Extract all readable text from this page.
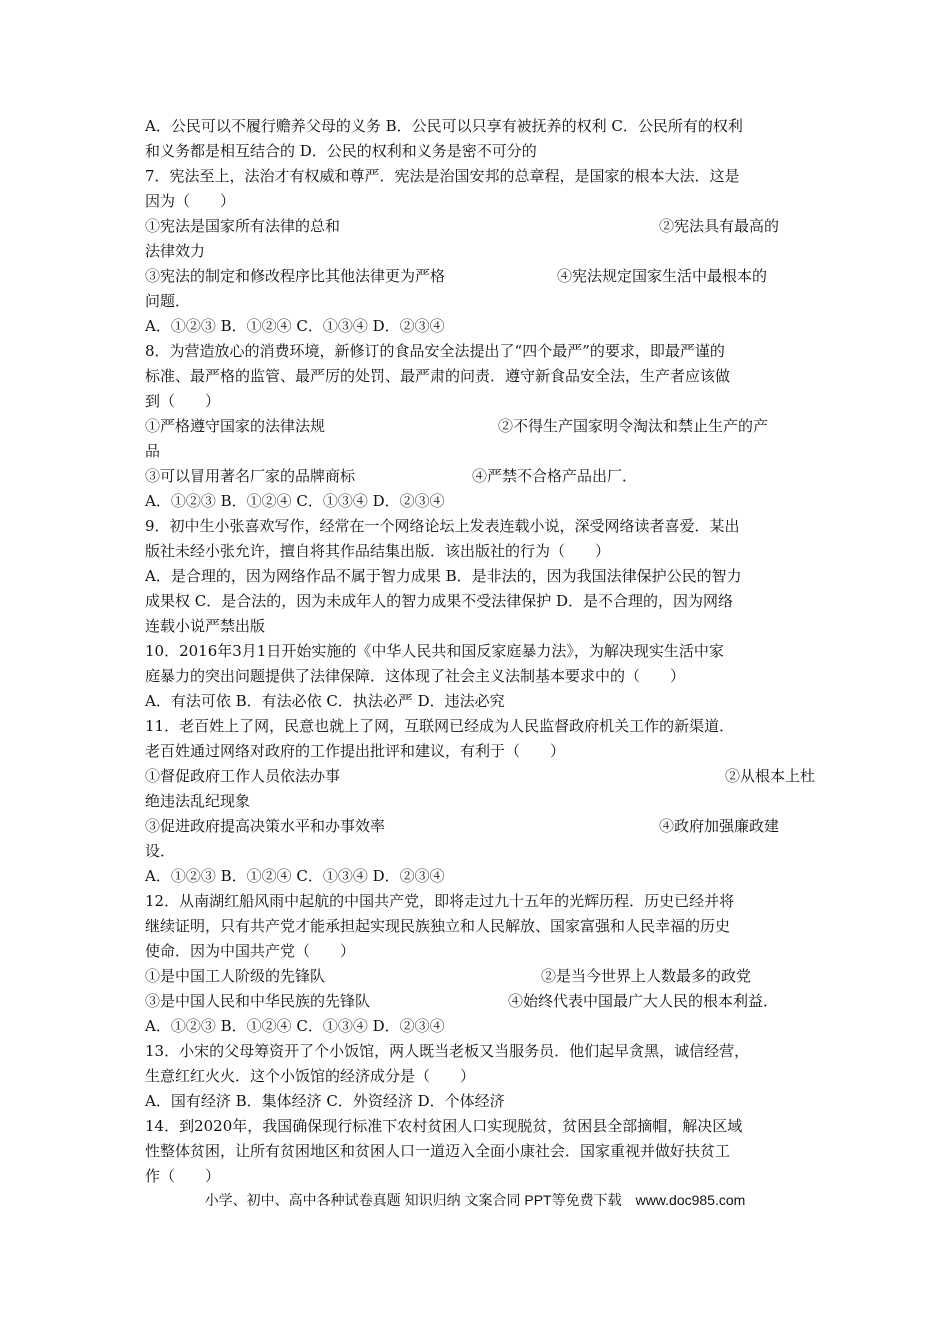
A．公民可以不履行赡养父母的义务 B．公民可以只享有被抚养的权利 C．公民所有的权利
和义务都是相互结合的 D．公民的权利和义务是密不可分的
7．宪法至上，法治才有权威和尊严．宪法是治国安邦的总章程，是国家的根本大法．这是
因为（　　）
①宪法是国家所有法律的总和	②宪法具有最高的
法律效力
③宪法的制定和修改程序比其他法律更为严格	④宪法规定国家生活中最根本的
问题．
A．①②③ B．①②④ C．①③④ D．②③④
8．为营造放心的消费环境，新修订的食品安全法提出了“四个最严”的要求，即最严谨的
标准、最严格的监管、最严厉的处罚、最严肃的问责．遵守新食品安全法，生产者应该做
到（　　）
①严格遵守国家的法律法规	②不得生产国家明令淘汰和禁止生产的产
品
③可以冒用著名厂家的品牌商标	④严禁不合格产品出厂．
A．①②③ B．①②④ C．①③④ D．②③④
9．初中生小张喜欢写作，经常在一个网络论坛上发表连载小说，深受网络读者喜爱．某出
版社未经小张允许，擅自将其作品结集出版．该出版社的行为（　　）
A．是合理的，因为网络作品不属于智力成果 B．是非法的，因为我国法律保护公民的智力
成果权 C．是合法的，因为未成年人的智力成果不受法律保护 D．是不合理的，因为网络
连载小说严禁出版
10．2016年3月1日开始实施的《中华人民共和国反家庭暴力法》，为解决现实生活中家
庭暴力的突出问题提供了法律保障．这体现了社会主义法制基本要求中的（　　）
A．有法可依 B．有法必依 C．执法必严 D．违法必究
11．老百姓上了网，民意也就上了网，互联网已经成为人民监督政府机关工作的新渠道．
老百姓通过网络对政府的工作提出批评和建议，有利于（　　）
①督促政府工作人员依法办事	②从根本上杜
绝违法乱纪现象
③促进政府提高决策水平和办事效率	④政府加强廉政建
设．
A．①②③ B．①②④ C．①③④ D．②③④
12．从南湖红船风雨中起航的中国共产党，即将走过九十五年的光辉历程．历史已经并将
继续证明，只有共产党才能承担起实现民族独立和人民解放、国家富强和人民幸福的历史
使命．因为中国共产党（　　）
①是中国工人阶级的先锋队	②是当今世界上人数最多的政党
③是中国人民和中华民族的先锋队	④始终代表中国最广大人民的根本利益．
A．①②③ B．①②④ C．①③④ D．②③④
13．小宋的父母筹资开了个小饭馆，两人既当老板又当服务员．他们起早贪黑，诚信经营，
生意红红火火．这个小饭馆的经济成分是（　　）
A．国有经济 B．集体经济 C．外资经济 D．个体经济
14．到2020年，我国确保现行标准下农村贫困人口实现脱贫，贫困县全部摘帽，解决区域
性整体贫困，让所有贫困地区和贫困人口一道迈入全面小康社会．国家重视并做好扶贫工
作（　　）
小学、初中、高中各种试卷真题 知识归纳 文案合同 PPT等免费下载　www.doc985.com
